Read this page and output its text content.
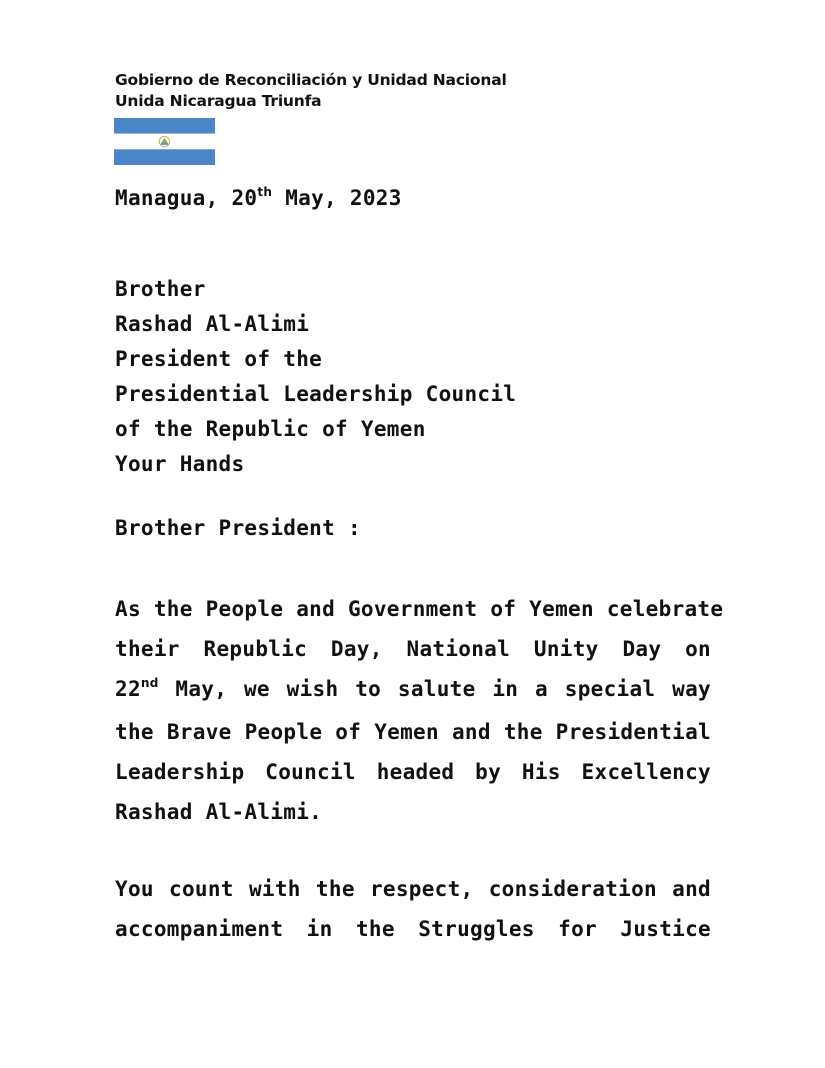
Gobierno de Reconciliación y Unidad Nacional
Unida Nicaragua Triunfa
Managua, 20th May, 2023
Brother
Rashad Al-Alimi
President of the
Presidential Leadership Council
of the Republic of Yemen
Your Hands
Brother President :
As the People and Government of Yemen celebrate
their Republic Day, National Unity Day on
22nd May, we wish to salute in a special way
the Brave People of Yemen and the Presidential
Leadership Council headed by His Excellency
Rashad Al-Alimi.
You count with the respect, consideration and
accompaniment in the Struggles for Justice
